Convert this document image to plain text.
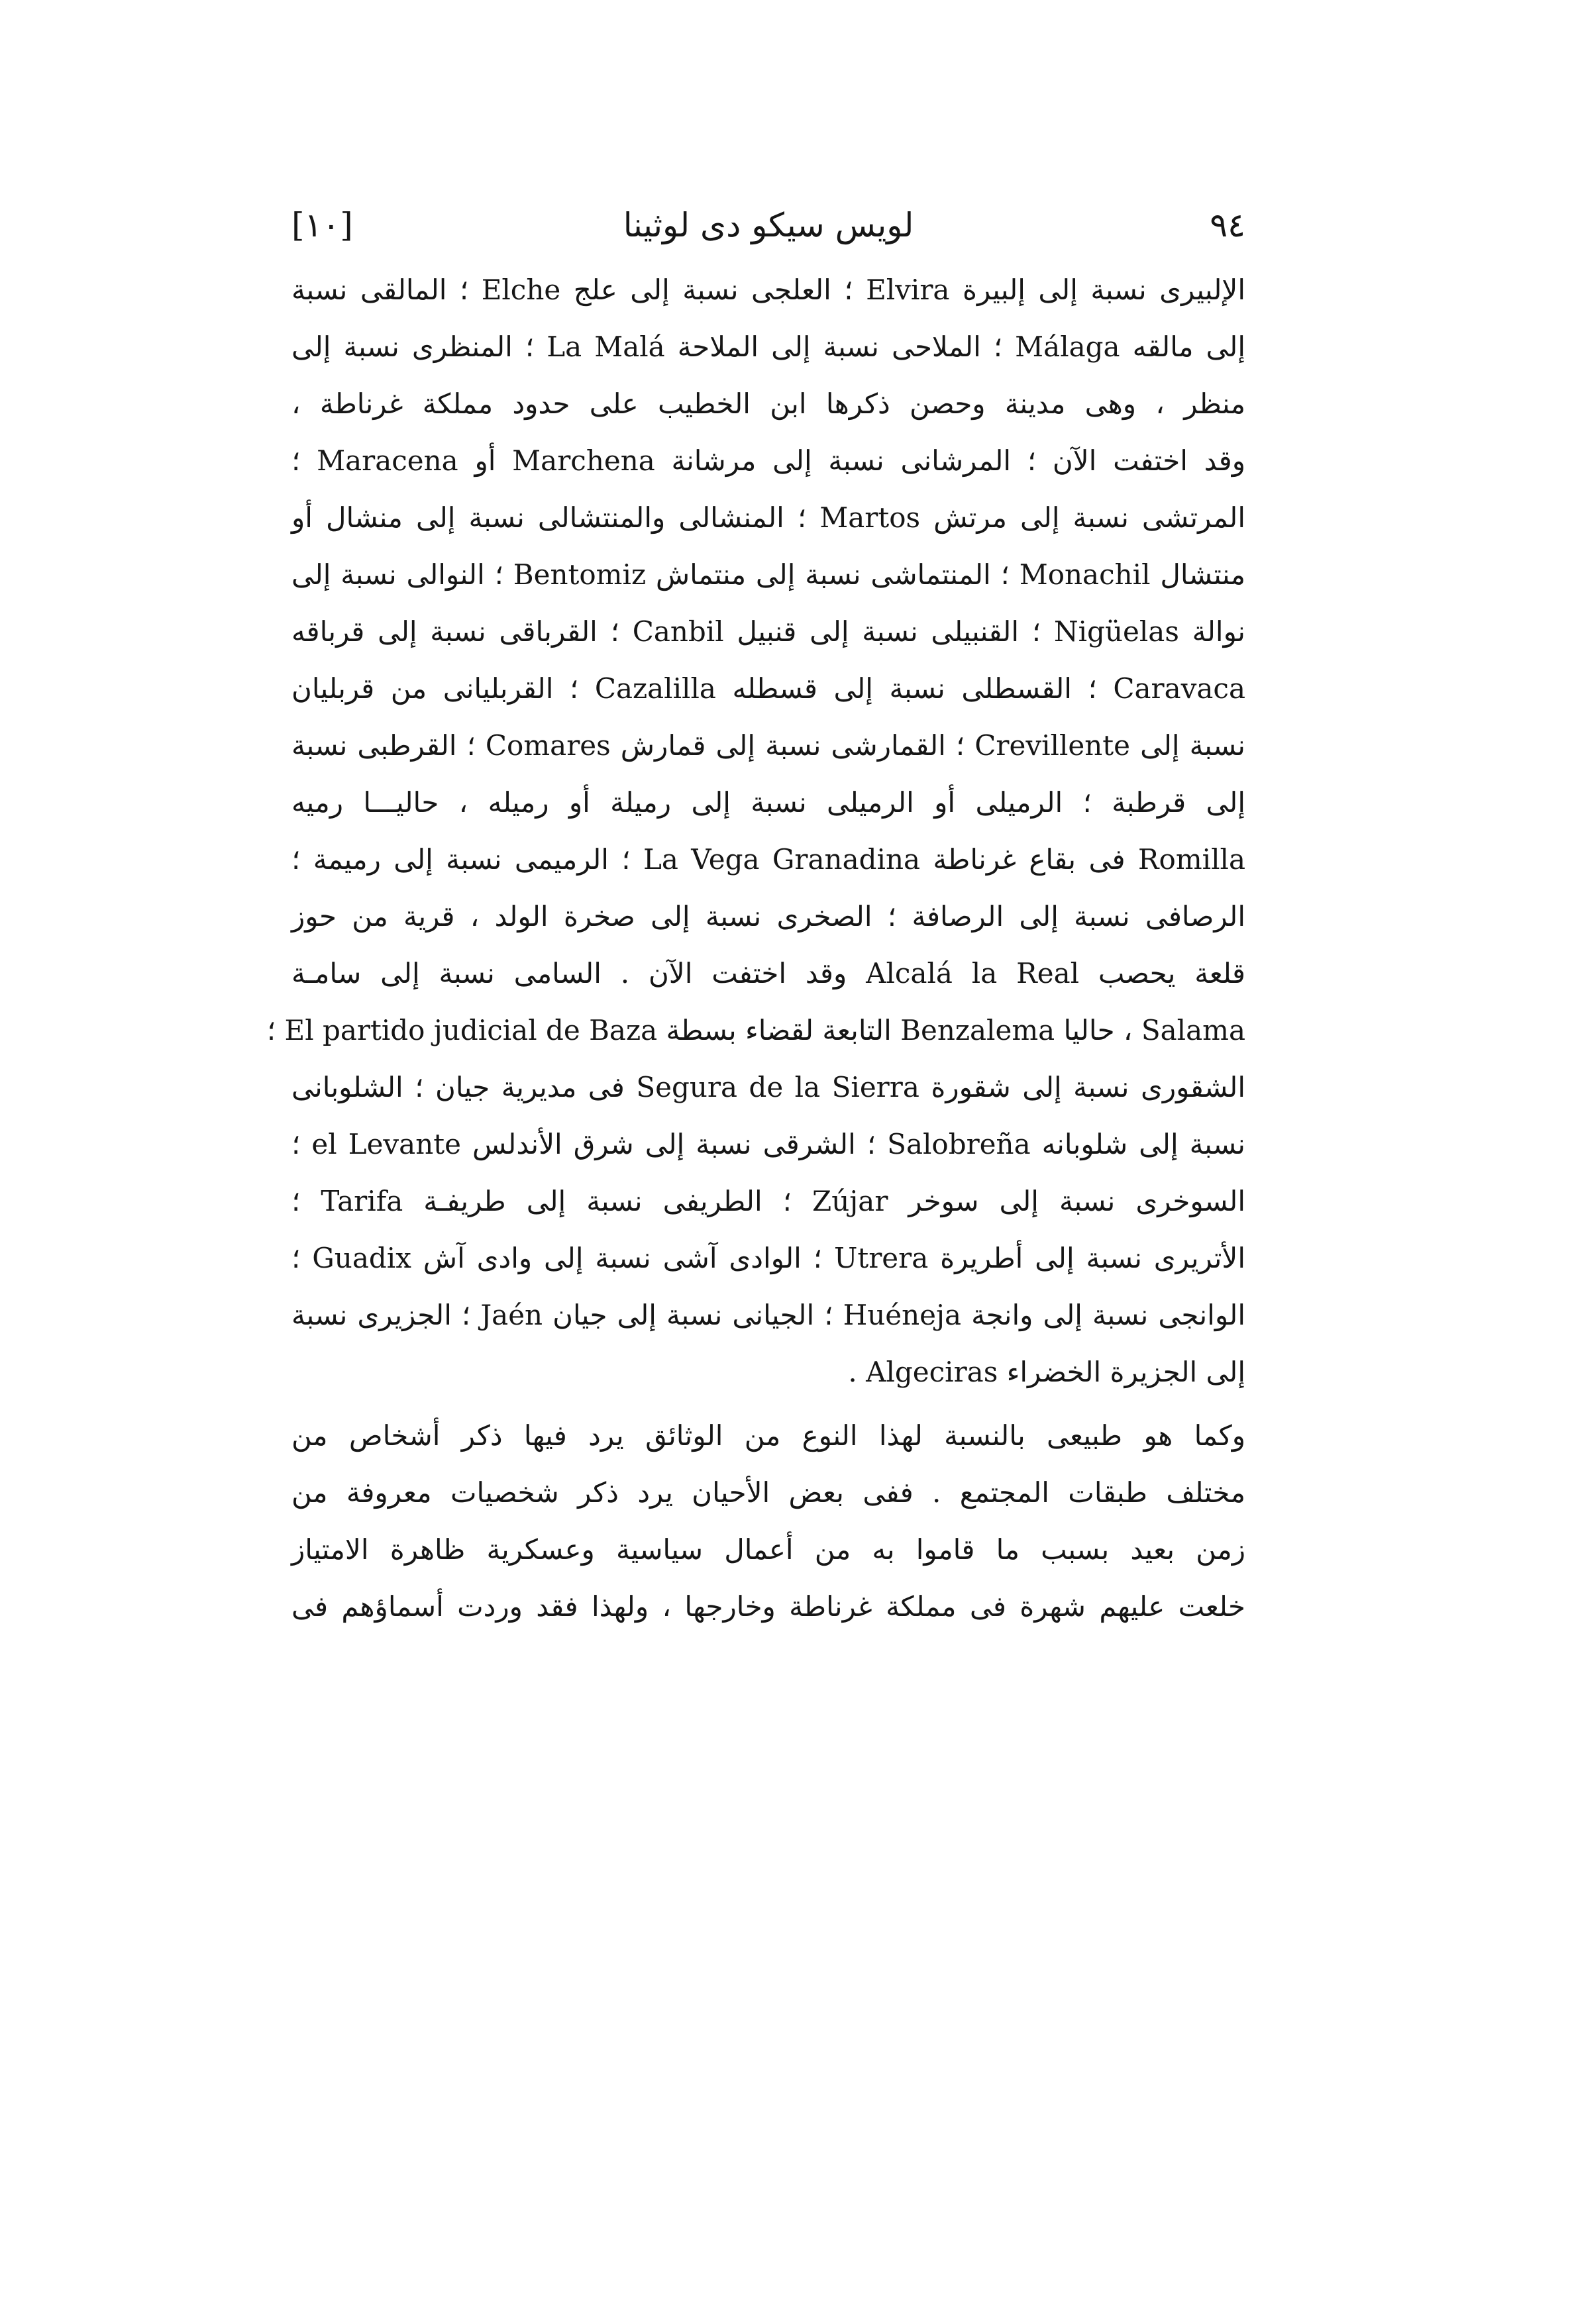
[١٠]	لويس سيكو دى لوثينا	٩٤
الإلبيرى نسبة إلى إلبيرة Elvira ؛ العلجى نسبة إلى علج Elche ؛ المالقى نسبة
إلى مالقه Málaga ؛ الملاحى نسبة إلى الملاحة La Malá ؛ المنظرى نسبة إلى
منظر ، وهى مدينة وحصن ذكرها ابن الخطيب على حدود مملكة غرناطة ،
وقد اختفت الآن ؛ المرشانى نسبة إلى مرشانة Marchena أو Maracena ؛
المرتشى نسبة إلى مرتش Martos ؛ المنشالى والمنتشالى نسبة إلى منشال أو
منتشال Monachil ؛ المنتماشى نسبة إلى منتماش Bentomiz ؛ النوالى نسبة إلى
نوالة Nigüelas ؛ القنبيلى نسبة إلى قنبيل Canbil ؛ القرباقى نسبة إلى قرباقه
Caravaca ؛ القسطلى نسبة إلى قسطله Cazalilla ؛ القربليانى من قربليان
نسبة إلى Crevillente ؛ القمارشى نسبة إلى قمارش Comares ؛ القرطبى نسبة
إلى قرطبة ؛ الرميلى أو الرميلى نسبة إلى رميلة أو رميله ، حاليـــا رميه
Romilla فى بقاع غرناطة La Vega Granadina ؛ الرميمى نسبة إلى رميمة ؛
الرصافى نسبة إلى الرصافة ؛ الصخرى نسبة إلى صخرة الولد ، قرية من حوز
قلعة يحصب Alcalá la Real وقد اختفت الآن . السامى نسبة إلى سامـة
Salama ، حاليا Benzalema التابعة لقضاء بسطة El partido judicial de Baza ؛
الشقورى نسبة إلى شقورة Segura de la Sierra فى مديرية جيان ؛ الشلوبانى
نسبة إلى شلوبانه Salobreña ؛ الشرقى نسبة إلى شرق الأندلس el Levante ؛
السوخرى نسبة إلى سوخر Zújar ؛ الطريفى نسبة إلى طريفـة Tarifa ؛
الأتريرى نسبة إلى أطريرة Utrera ؛ الوادى آشى نسبة إلى وادى آش Guadix ؛
الوانجى نسبة إلى وانجة Huéneja ؛ الجيانى نسبة إلى جيان Jaén ؛ الجزيرى نسبة
إلى الجزيرة الخضراء Algeciras .
وكما هو طبيعى بالنسبة لهذا النوع من الوثائق يرد فيها ذكر أشخاص من
مختلف طبقات المجتمع . ففى بعض الأحيان يرد ذكر شخصيات معروفة من
زمن بعيد بسبب ما قاموا به من أعمال سياسية وعسكرية ظاهرة الامتياز
خلعت عليهم شهرة فى مملكة غرناطة وخارجها ، ولهذا فقد وردت أسماؤهم فى
